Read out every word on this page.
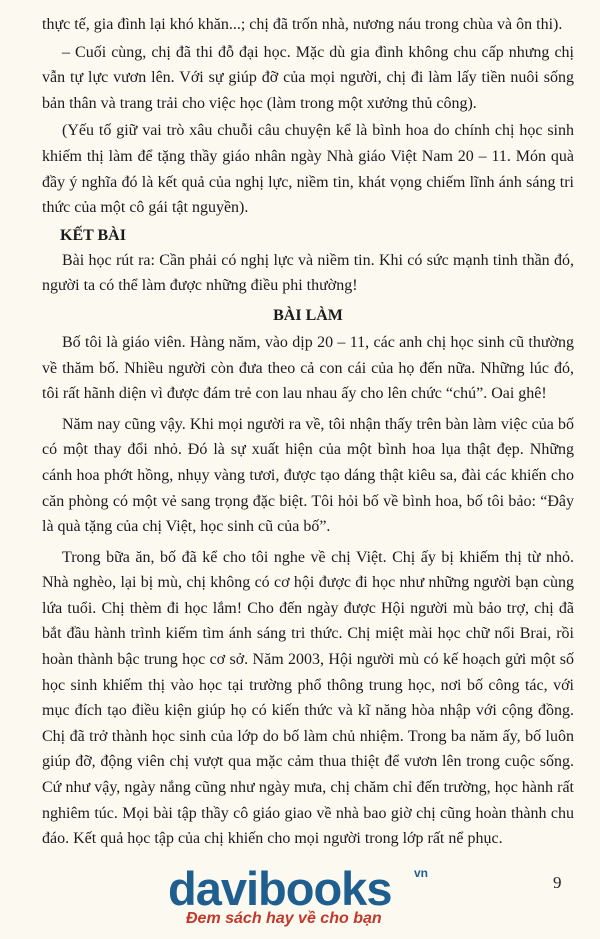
thực tế, gia đình lại khó khăn...; chị đã trốn nhà, nương náu trong chùa và ôn thi).

– Cuối cùng, chị đã thi đỗ đại học. Mặc dù gia đình không chu cấp nhưng chị vẫn tự lực vươn lên. Với sự giúp đỡ của mọi người, chị đi làm lấy tiền nuôi sống bản thân và trang trải cho việc học (làm trong một xưởng thủ công).

(Yếu tố giữ vai trò xâu chuỗi câu chuyện kể là bình hoa do chính chị học sinh khiếm thị làm để tặng thầy giáo nhân ngày Nhà giáo Việt Nam 20 – 11. Món quà đầy ý nghĩa đó là kết quả của nghị lực, niềm tin, khát vọng chiếm lĩnh ánh sáng tri thức của một cô gái tật nguyền).

KẾT BÀI

Bài học rút ra: Cần phải có nghị lực và niềm tin. Khi có sức mạnh tinh thần đó, người ta có thể làm được những điều phi thường!

BÀI LÀM

Bố tôi là giáo viên. Hàng năm, vào dịp 20 – 11, các anh chị học sinh cũ thường về thăm bố. Nhiều người còn đưa theo cả con cái của họ đến nữa. Những lúc đó, tôi rất hãnh diện vì được đám trẻ con lau nhau ấy cho lên chức “chú”. Oai ghê!

Năm nay cũng vậy. Khi mọi người ra về, tôi nhận thấy trên bàn làm việc của bố có một thay đổi nhỏ. Đó là sự xuất hiện của một bình hoa lụa thật đẹp. Những cánh hoa phớt hồng, nhụy vàng tươi, được tạo dáng thật kiêu sa, đài các khiến cho căn phòng có một vẻ sang trọng đặc biệt. Tôi hỏi bố về bình hoa, bố tôi bảo: “Đây là quà tặng của chị Việt, học sinh cũ của bố”.

Trong bữa ăn, bố đã kể cho tôi nghe về chị Việt. Chị ấy bị khiếm thị từ nhỏ. Nhà nghèo, lại bị mù, chị không có cơ hội được đi học như những người bạn cùng lứa tuổi. Chị thèm đi học lắm! Cho đến ngày được Hội người mù bảo trợ, chị đã bắt đầu hành trình kiếm tìm ánh sáng tri thức. Chị miệt mài học chữ nổi Brai, rồi hoàn thành bậc trung học cơ sở. Năm 2003, Hội người mù có kế hoạch gửi một số học sinh khiếm thị vào học tại trường phổ thông trung học, nơi bố công tác, với mục đích tạo điều kiện giúp họ có kiến thức và kĩ năng hòa nhập với cộng đồng. Chị đã trở thành học sinh của lớp do bố làm chủ nhiệm. Trong ba năm ấy, bố luôn giúp đỡ, động viên chị vượt qua mặc cảm thua thiệt để vươn lên trong cuộc sống. Cứ như vậy, ngày nắng cũng như ngày mưa, chị chăm chỉ đến trường, học hành rất nghiêm túc. Mọi bài tập thầy cô giáo giao về nhà bao giờ chị cũng hoàn thành chu đáo. Kết quả học tập của chị khiến cho mọi người trong lớp rất nể phục.

davibooks vn
Đem sách hay về cho bạn
9
